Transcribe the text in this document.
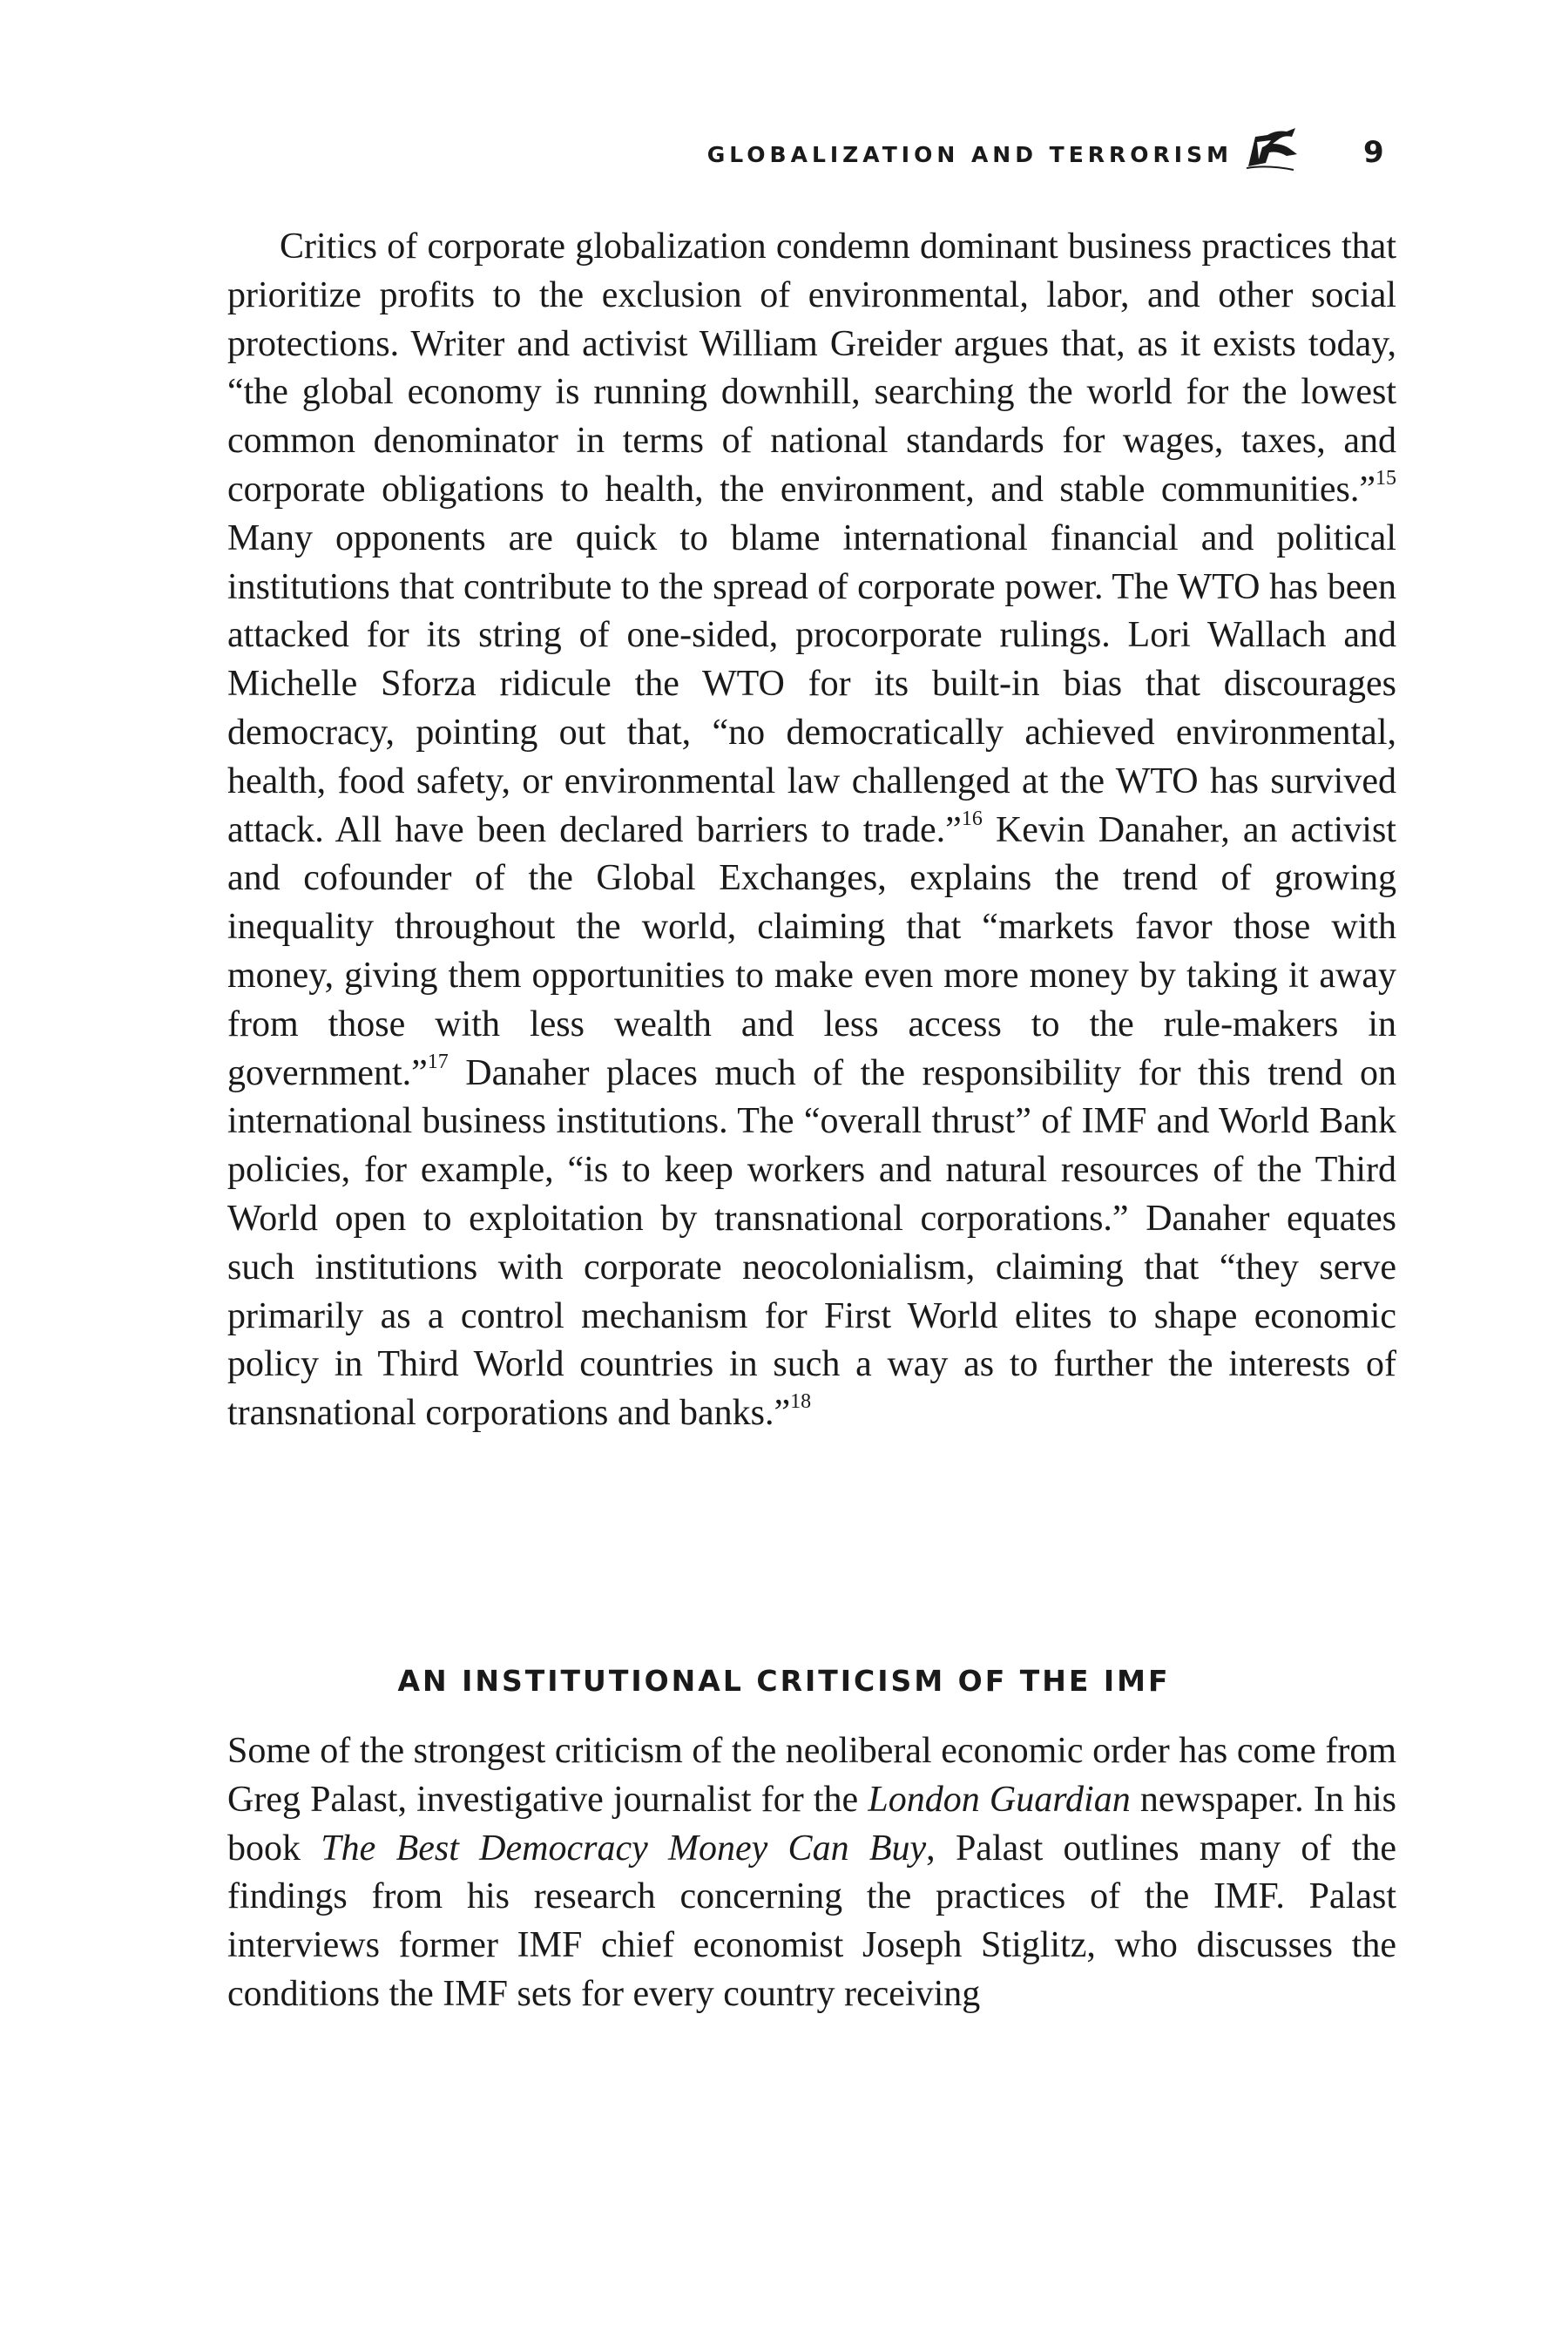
GLOBALIZATION AND TERRORISM	9

Critics of corporate globalization condemn dominant business practices that prioritize profits to the exclusion of environmental, labor, and other social protections. Writer and activist William Greider argues that, as it exists today, “the global economy is running downhill, searching the world for the lowest common denominator in terms of national standards for wages, taxes, and corporate obligations to health, the environment, and stable communities.”$^{15}$ Many opponents are quick to blame international financial and political institutions that contribute to the spread of corporate power. The WTO has been attacked for its string of one-sided, procorporate rulings. Lori Wallach and Michelle Sforza ridicule the WTO for its built-in bias that discourages democracy, pointing out that, “no democratically achieved environmental, health, food safety, or environmental law challenged at the WTO has survived attack. All have been declared barriers to trade.”$^{16}$ Kevin Danaher, an activist and cofounder of the Global Exchanges, explains the trend of growing inequality throughout the world, claiming that “markets favor those with money, giving them opportunities to make even more money by taking it away from those with less wealth and less access to the rule-makers in government.”$^{17}$ Danaher places much of the responsibility for this trend on international business institutions. The “overall thrust” of IMF and World Bank policies, for example, “is to keep workers and natural resources of the Third World open to exploitation by transnational corporations.” Danaher equates such institutions with corporate neocolonialism, claiming that “they serve primarily as a control mechanism for First World elites to shape economic policy in Third World countries in such a way as to further the interests of transnational corporations and banks.”$^{18}$

AN INSTITUTIONAL CRITICISM OF THE IMF

Some of the strongest criticism of the neoliberal economic order has come from Greg Palast, investigative journalist for the London Guardian newspaper. In his book The Best Democracy Money Can Buy, Palast outlines many of the findings from his research concerning the practices of the IMF. Palast interviews former IMF chief economist Joseph Stiglitz, who discusses the conditions the IMF sets for every country receiving
